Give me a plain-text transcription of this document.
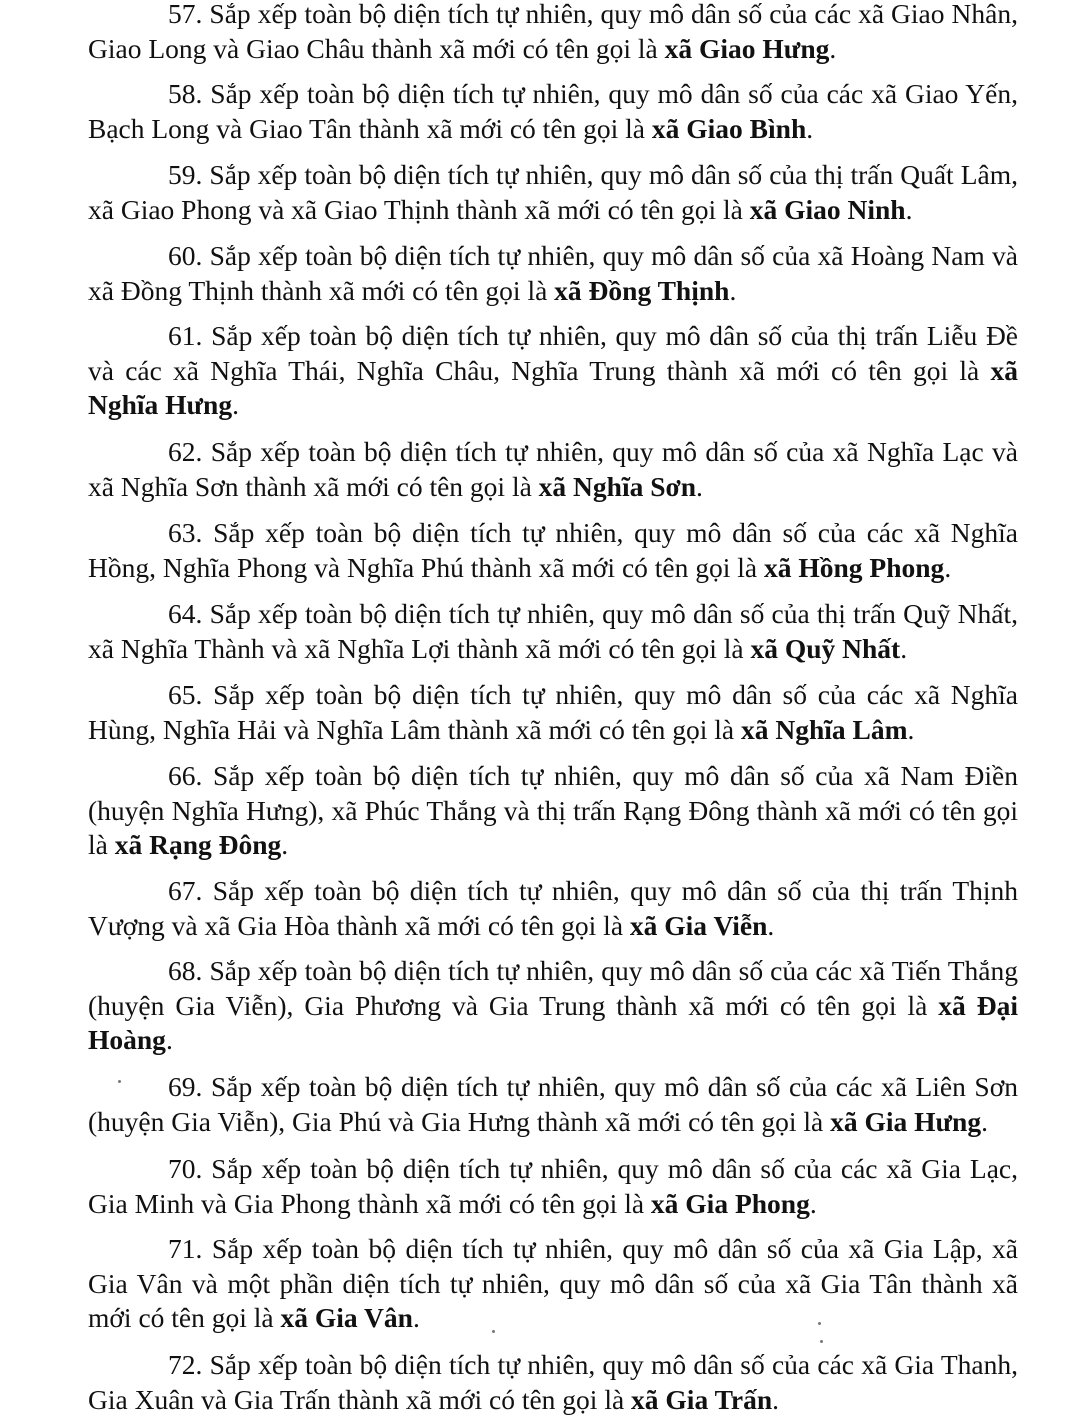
57. Sắp xếp toàn bộ diện tích tự nhiên, quy mô dân số của các xã Giao Nhân, Giao Long và Giao Châu thành xã mới có tên gọi là xã Giao Hưng.

58. Sắp xếp toàn bộ diện tích tự nhiên, quy mô dân số của các xã Giao Yến, Bạch Long và Giao Tân thành xã mới có tên gọi là xã Giao Bình.

59. Sắp xếp toàn bộ diện tích tự nhiên, quy mô dân số của thị trấn Quất Lâm, xã Giao Phong và xã Giao Thịnh thành xã mới có tên gọi là xã Giao Ninh.

60. Sắp xếp toàn bộ diện tích tự nhiên, quy mô dân số của xã Hoàng Nam và xã Đồng Thịnh thành xã mới có tên gọi là xã Đồng Thịnh.

61. Sắp xếp toàn bộ diện tích tự nhiên, quy mô dân số của thị trấn Liễu Đề và các xã Nghĩa Thái, Nghĩa Châu, Nghĩa Trung thành xã mới có tên gọi là xã Nghĩa Hưng.

62. Sắp xếp toàn bộ diện tích tự nhiên, quy mô dân số của xã Nghĩa Lạc và xã Nghĩa Sơn thành xã mới có tên gọi là xã Nghĩa Sơn.

63. Sắp xếp toàn bộ diện tích tự nhiên, quy mô dân số của các xã Nghĩa Hồng, Nghĩa Phong và Nghĩa Phú thành xã mới có tên gọi là xã Hồng Phong.

64. Sắp xếp toàn bộ diện tích tự nhiên, quy mô dân số của thị trấn Quỹ Nhất, xã Nghĩa Thành và xã Nghĩa Lợi thành xã mới có tên gọi là xã Quỹ Nhất.

65. Sắp xếp toàn bộ diện tích tự nhiên, quy mô dân số của các xã Nghĩa Hùng, Nghĩa Hải và Nghĩa Lâm thành xã mới có tên gọi là xã Nghĩa Lâm.

66. Sắp xếp toàn bộ diện tích tự nhiên, quy mô dân số của xã Nam Điền (huyện Nghĩa Hưng), xã Phúc Thắng và thị trấn Rạng Đông thành xã mới có tên gọi là xã Rạng Đông.

67. Sắp xếp toàn bộ diện tích tự nhiên, quy mô dân số của thị trấn Thịnh Vượng và xã Gia Hòa thành xã mới có tên gọi là xã Gia Viễn.

68. Sắp xếp toàn bộ diện tích tự nhiên, quy mô dân số của các xã Tiến Thắng (huyện Gia Viễn), Gia Phương và Gia Trung thành xã mới có tên gọi là xã Đại Hoàng.

69. Sắp xếp toàn bộ diện tích tự nhiên, quy mô dân số của các xã Liên Sơn (huyện Gia Viễn), Gia Phú và Gia Hưng thành xã mới có tên gọi là xã Gia Hưng.

70. Sắp xếp toàn bộ diện tích tự nhiên, quy mô dân số của các xã Gia Lạc, Gia Minh và Gia Phong thành xã mới có tên gọi là xã Gia Phong.

71. Sắp xếp toàn bộ diện tích tự nhiên, quy mô dân số của xã Gia Lập, xã Gia Vân và một phần diện tích tự nhiên, quy mô dân số của xã Gia Tân thành xã mới có tên gọi là xã Gia Vân.

72. Sắp xếp toàn bộ diện tích tự nhiên, quy mô dân số của các xã Gia Thanh, Gia Xuân và Gia Trấn thành xã mới có tên gọi là xã Gia Trấn.
